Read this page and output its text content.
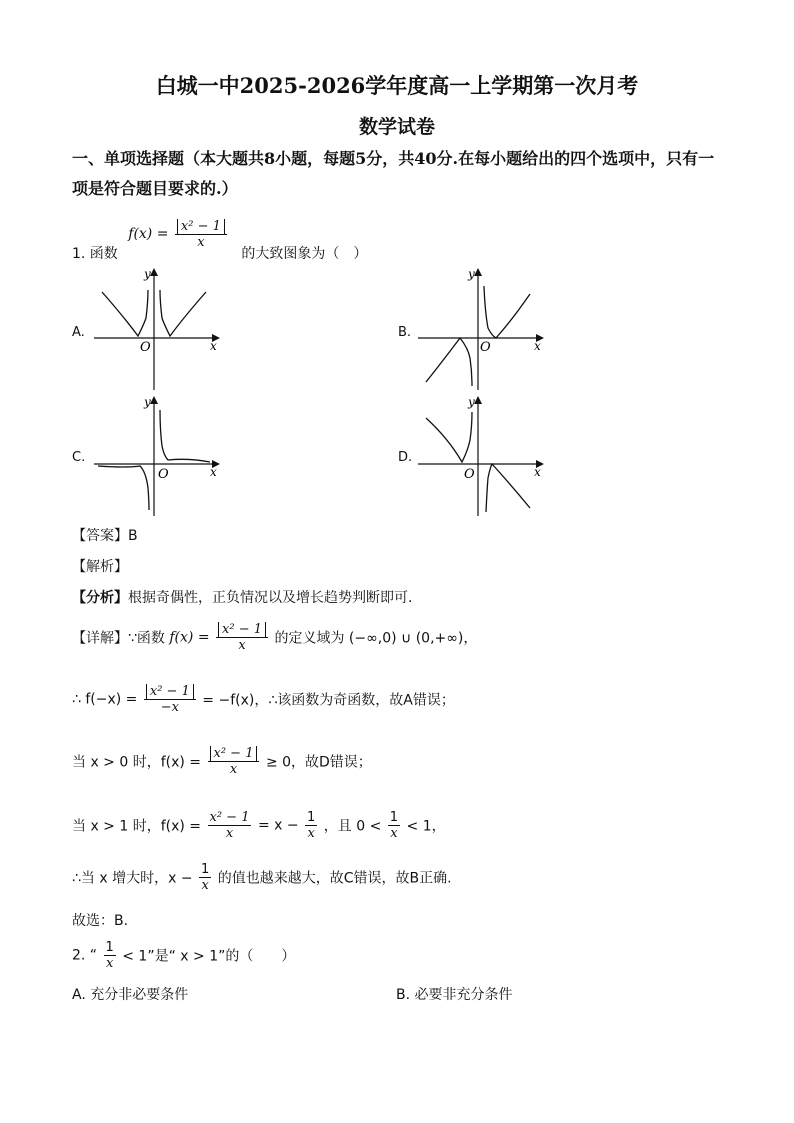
白城一中2025-2026学年度高一上学期第一次月考
数学试卷
一、单项选择题（本大题共8小题，每题5分，共40分.在每小题给出的四个选项中，只有一项是符合题目要求的.）
1. 函数 $f(x) = \frac{\text{x² − 1}}{x}$
的大致图象为（　）
A.
y
x
O
B.
y
x
O
C.
y
x
O
D.
y
x
O
【答案】B
【解析】
【分析】根据奇偶性，正负情况以及增长趋势判断即可.
【详解】∵函数 $f(x) = \frac{\text{x² − 1}}{x}$ 的定义域为 (−∞,0) ∪ (0,+∞)，
∴ $f(-x) = \frac{\text{x² − 1}}{-x} = -f(x)$，∴该函数为奇函数，故A错误；
当 x > 0 时，$f(x) = \frac{\text{x² − 1}}{x} \ge 0$，故D错误；
当 x > 1 时，$f(x) = \frac{\text{x² − 1}}{x} = x - \frac{1}{x}$ ，且 $0 < \frac{1}{x} < 1$，
∴当 x 增大时，$x - \frac{1}{x}$ 的值也越来越大，故C错误，故B正确.
故选：B.
2. “ $\frac{1}{x} < 1$”是“ x > 1”的（　　）
A. 充分非必要条件	B. 必要非充分条件
